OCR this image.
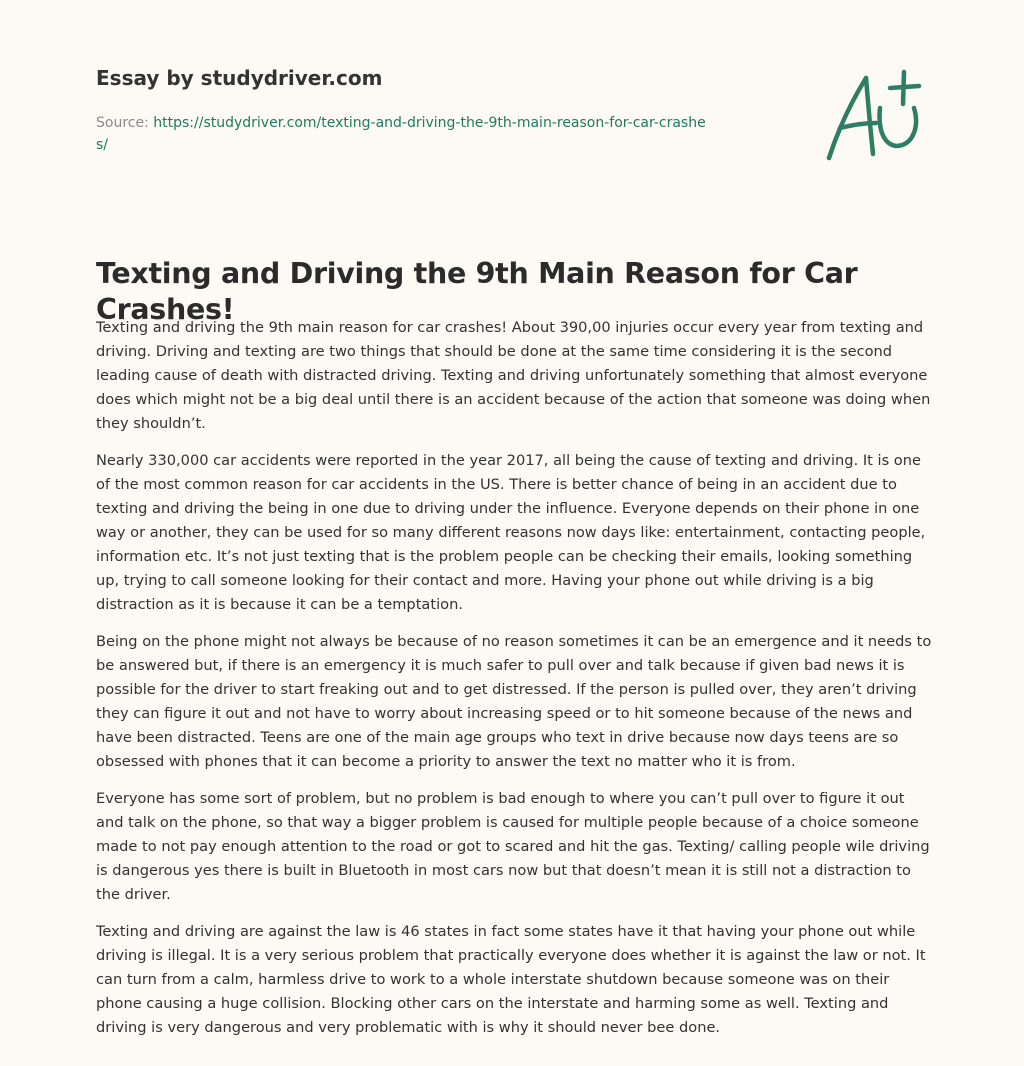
Essay by studydriver.com
Source: https://studydriver.com/texting-and-driving-the-9th-main-reason-for-car-crashes/
Texting and Driving the 9th Main Reason for Car Crashes!

Texting and driving the 9th main reason for car crashes! About 390,00 injuries occur every year from texting and driving. Driving and texting are two things that should be done at the same time considering it is the second leading cause of death with distracted driving. Texting and driving unfortunately something that almost everyone does which might not be a big deal until there is an accident because of the action that someone was doing when they shouldn’t.

Nearly 330,000 car accidents were reported in the year 2017, all being the cause of texting and driving. It is one of the most common reason for car accidents in the US. There is better chance of being in an accident due to texting and driving the being in one due to driving under the influence. Everyone depends on their phone in one way or another, they can be used for so many different reasons now days like: entertainment, contacting people, information etc. It’s not just texting that is the problem people can be checking their emails, looking something up, trying to call someone looking for their contact and more. Having your phone out while driving is a big distraction as it is because it can be a temptation.

Being on the phone might not always be because of no reason sometimes it can be an emergence and it needs to be answered but, if there is an emergency it is much safer to pull over and talk because if given bad news it is possible for the driver to start freaking out and to get distressed. If the person is pulled over, they aren’t driving they can figure it out and not have to worry about increasing speed or to hit someone because of the news and have been distracted. Teens are one of the main age groups who text in drive because now days teens are so obsessed with phones that it can become a priority to answer the text no matter who it is from.

Everyone has some sort of problem, but no problem is bad enough to where you can’t pull over to figure it out and talk on the phone, so that way a bigger problem is caused for multiple people because of a choice someone made to not pay enough attention to the road or got to scared and hit the gas. Texting/ calling people wile driving is dangerous yes there is built in Bluetooth in most cars now but that doesn’t mean it is still not a distraction to the driver.

Texting and driving are against the law is 46 states in fact some states have it that having your phone out while driving is illegal. It is a very serious problem that practically everyone does whether it is against the law or not. It can turn from a calm, harmless drive to work to a whole interstate shutdown because someone was on their phone causing a huge collision. Blocking other cars on the interstate and harming some as well. Texting and driving is very dangerous and very problematic with is why it should never bee done.
